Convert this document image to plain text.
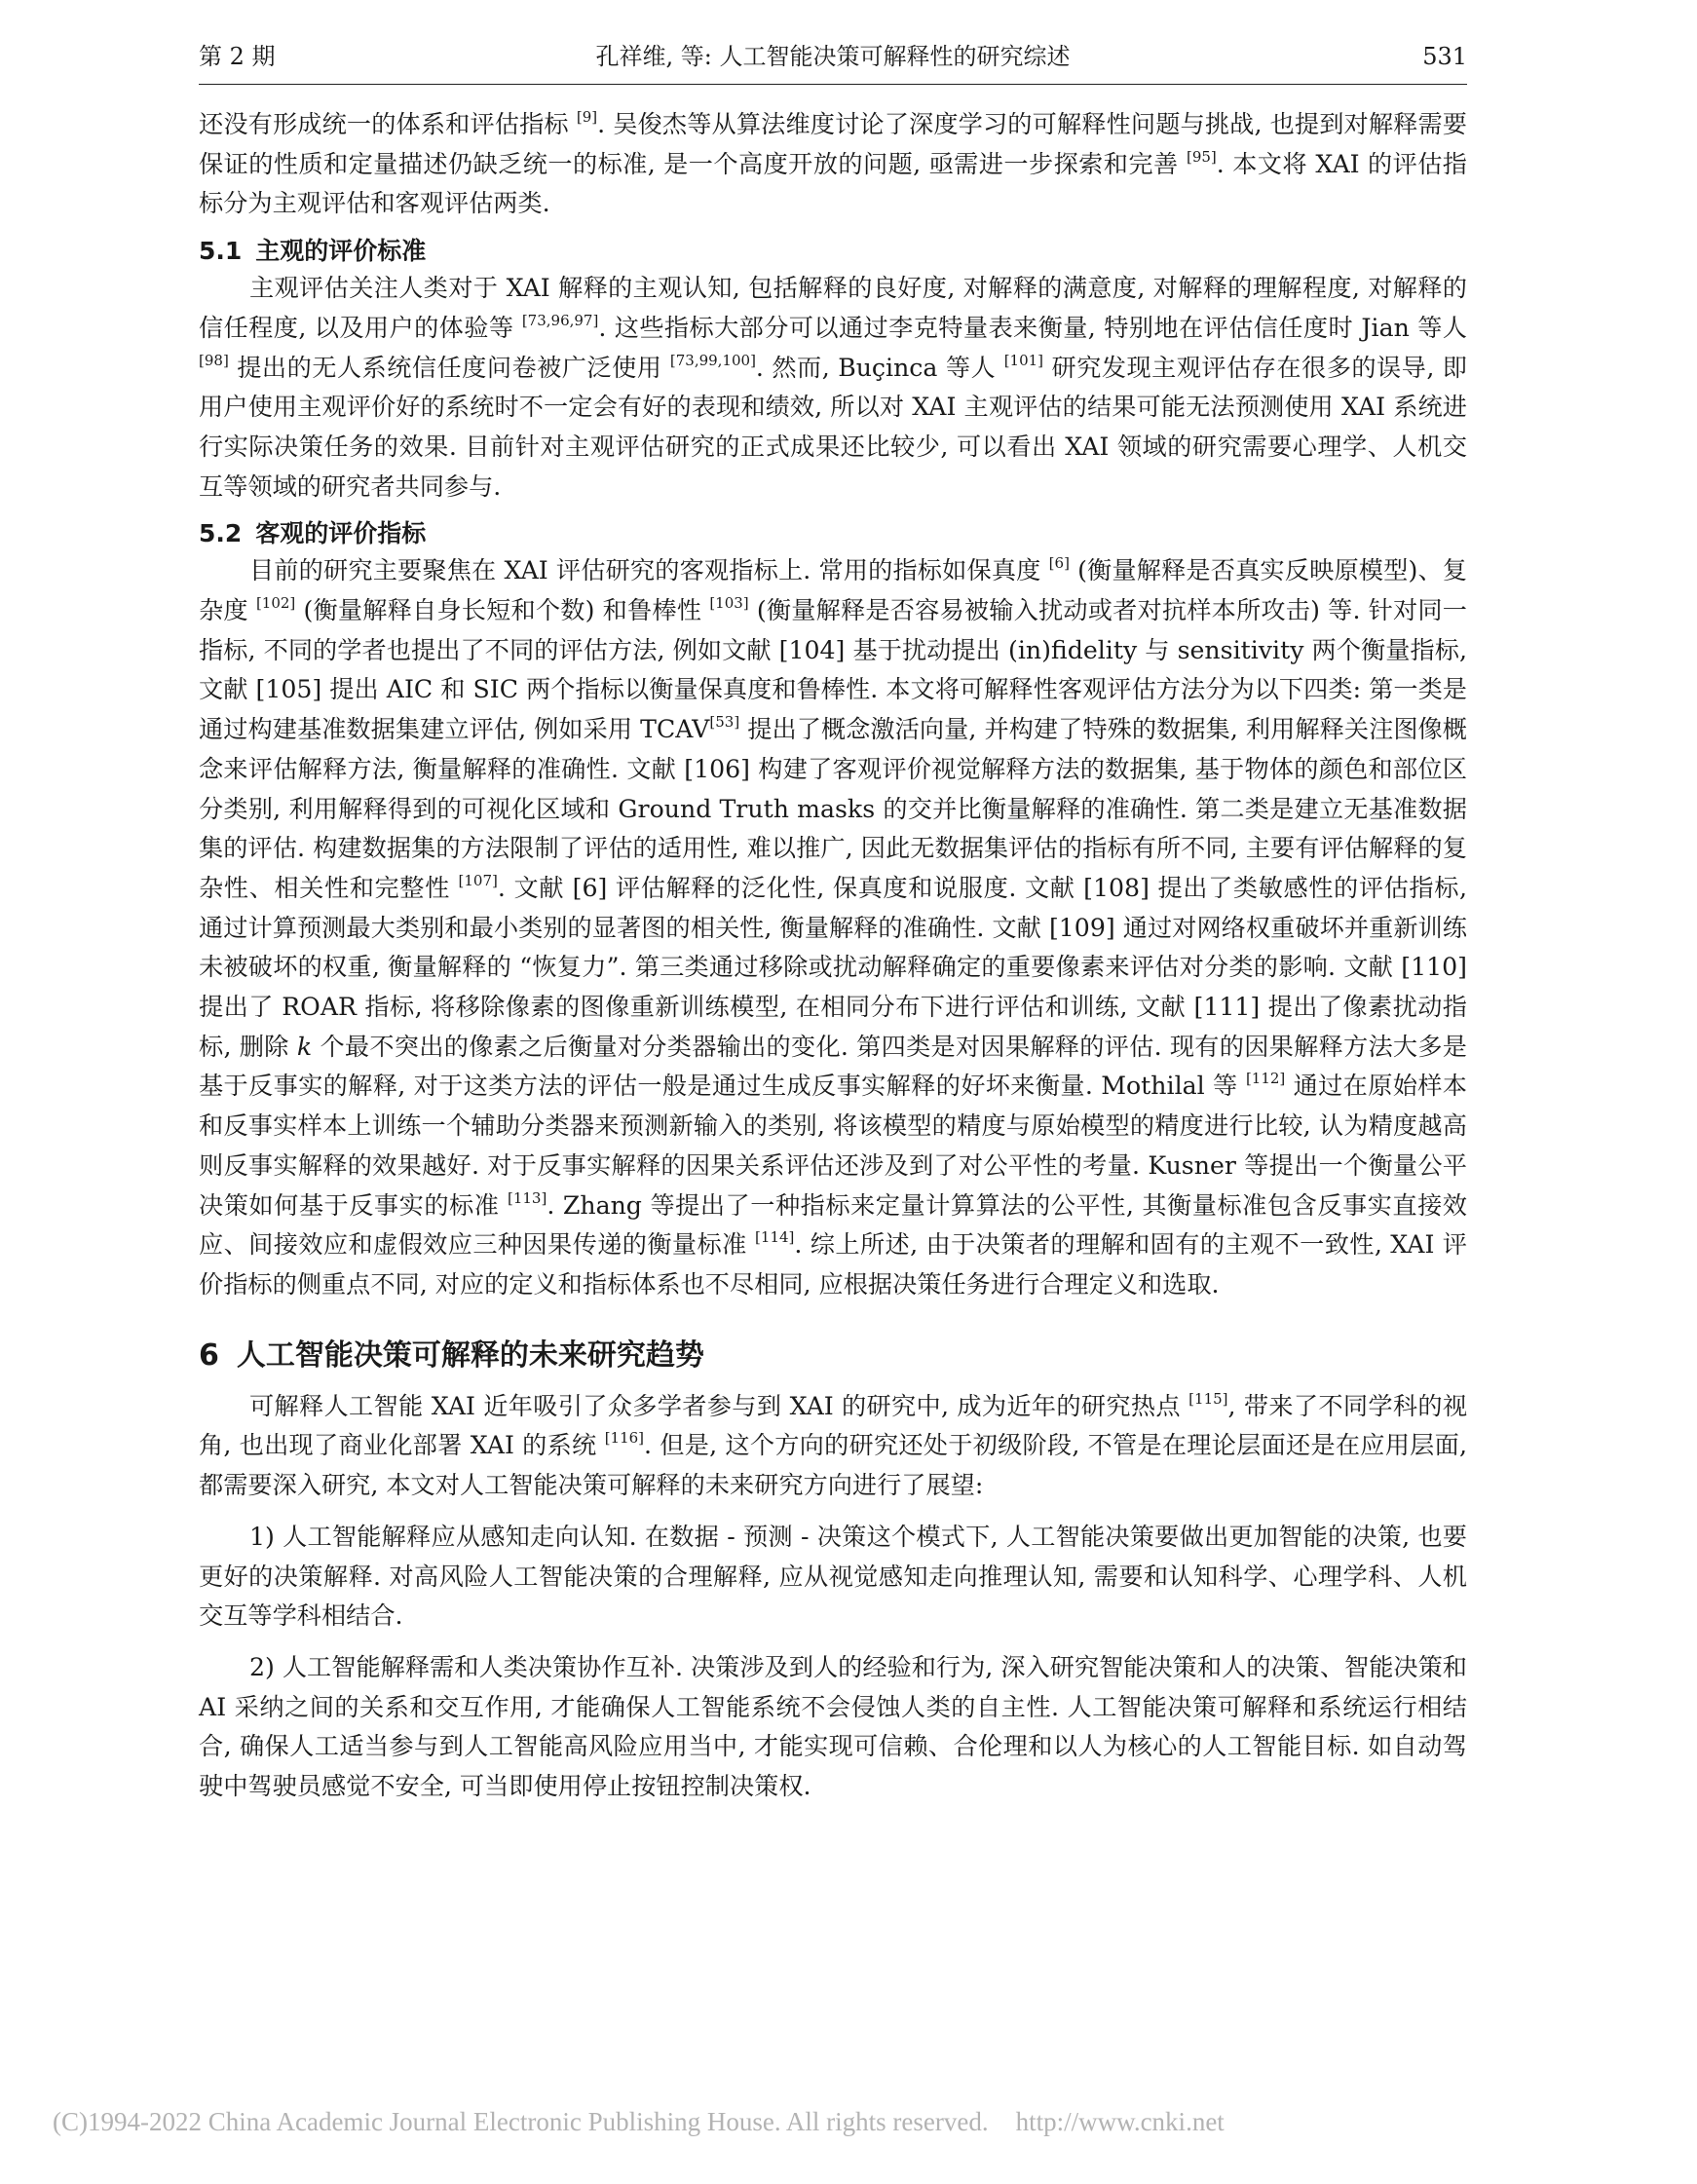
第 2 期	孔祥维, 等: 人工智能决策可解释性的研究综述	531

还没有形成统一的体系和评估指标 [9]. 吴俊杰等从算法维度讨论了深度学习的可解释性问题与挑战, 也提到对解释需要保证的性质和定量描述仍缺乏统一的标准, 是一个高度开放的问题, 亟需进一步探索和完善 [95]. 本文将 XAI 的评估指标分为主观评估和客观评估两类.

5.1 主观的评价标准

主观评估关注人类对于 XAI 解释的主观认知, 包括解释的良好度, 对解释的满意度, 对解释的理解程度, 对解释的信任程度, 以及用户的体验等 [73,96,97]. 这些指标大部分可以通过李克特量表来衡量, 特别地在评估信任度时 Jian 等人 [98] 提出的无人系统信任度问卷被广泛使用 [73,99,100]. 然而, Buçinca 等人 [101] 研究发现主观评估存在很多的误导, 即用户使用主观评价好的系统时不一定会有好的表现和绩效, 所以对 XAI 主观评估的结果可能无法预测使用 XAI 系统进行实际决策任务的效果. 目前针对主观评估研究的正式成果还比较少, 可以看出 XAI 领域的研究需要心理学、人机交互等领域的研究者共同参与.

5.2 客观的评价指标

目前的研究主要聚焦在 XAI 评估研究的客观指标上. 常用的指标如保真度 [6] (衡量解释是否真实反映原模型)、复杂度 [102] (衡量解释自身长短和个数) 和鲁棒性 [103] (衡量解释是否容易被输入扰动或者对抗样本所攻击) 等. 针对同一指标, 不同的学者也提出了不同的评估方法, 例如文献 [104] 基于扰动提出 (in)fidelity 与 sensitivity 两个衡量指标, 文献 [105] 提出 AIC 和 SIC 两个指标以衡量保真度和鲁棒性. 本文将可解释性客观评估方法分为以下四类: 第一类是通过构建基准数据集建立评估, 例如采用 TCAV[53] 提出了概念激活向量, 并构建了特殊的数据集, 利用解释关注图像概念来评估解释方法, 衡量解释的准确性. 文献 [106] 构建了客观评价视觉解释方法的数据集, 基于物体的颜色和部位区分类别, 利用解释得到的可视化区域和 Ground Truth masks 的交并比衡量解释的准确性. 第二类是建立无基准数据集的评估. 构建数据集的方法限制了评估的适用性, 难以推广, 因此无数据集评估的指标有所不同, 主要有评估解释的复杂性、相关性和完整性 [107]. 文献 [6] 评估解释的泛化性, 保真度和说服度. 文献 [108] 提出了类敏感性的评估指标, 通过计算预测最大类别和最小类别的显著图的相关性, 衡量解释的准确性. 文献 [109] 通过对网络权重破坏并重新训练未被破坏的权重, 衡量解释的 “恢复力”. 第三类通过移除或扰动解释确定的重要像素来评估对分类的影响. 文献 [110] 提出了 ROAR 指标, 将移除像素的图像重新训练模型, 在相同分布下进行评估和训练, 文献 [111] 提出了像素扰动指标, 删除 k 个最不突出的像素之后衡量对分类器输出的变化. 第四类是对因果解释的评估. 现有的因果解释方法大多是基于反事实的解释, 对于这类方法的评估一般是通过生成反事实解释的好坏来衡量. Mothilal 等 [112] 通过在原始样本和反事实样本上训练一个辅助分类器来预测新输入的类别, 将该模型的精度与原始模型的精度进行比较, 认为精度越高则反事实解释的效果越好. 对于反事实解释的因果关系评估还涉及到了对公平性的考量. Kusner 等提出一个衡量公平决策如何基于反事实的标准 [113]. Zhang 等提出了一种指标来定量计算算法的公平性, 其衡量标准包含反事实直接效应、间接效应和虚假效应三种因果传递的衡量标准 [114]. 综上所述, 由于决策者的理解和固有的主观不一致性, XAI 评价指标的侧重点不同, 对应的定义和指标体系也不尽相同, 应根据决策任务进行合理定义和选取.

6 人工智能决策可解释的未来研究趋势

可解释人工智能 XAI 近年吸引了众多学者参与到 XAI 的研究中, 成为近年的研究热点 [115], 带来了不同学科的视角, 也出现了商业化部署 XAI 的系统 [116]. 但是, 这个方向的研究还处于初级阶段, 不管是在理论层面还是在应用层面, 都需要深入研究, 本文对人工智能决策可解释的未来研究方向进行了展望:

1) 人工智能解释应从感知走向认知. 在数据 - 预测 - 决策这个模式下, 人工智能决策要做出更加智能的决策, 也要更好的决策解释. 对高风险人工智能决策的合理解释, 应从视觉感知走向推理认知, 需要和认知科学、心理学科、人机交互等学科相结合.

2) 人工智能解释需和人类决策协作互补. 决策涉及到人的经验和行为, 深入研究智能决策和人的决策、智能决策和 AI 采纳之间的关系和交互作用, 才能确保人工智能系统不会侵蚀人类的自主性. 人工智能决策可解释和系统运行相结合, 确保人工适当参与到人工智能高风险应用当中, 才能实现可信赖、合伦理和以人为核心的人工智能目标. 如自动驾驶中驾驶员感觉不安全, 可当即使用停止按钮控制决策权.

(C)1994-2022 China Academic Journal Electronic Publishing House. All rights reserved. http://www.cnki.net
